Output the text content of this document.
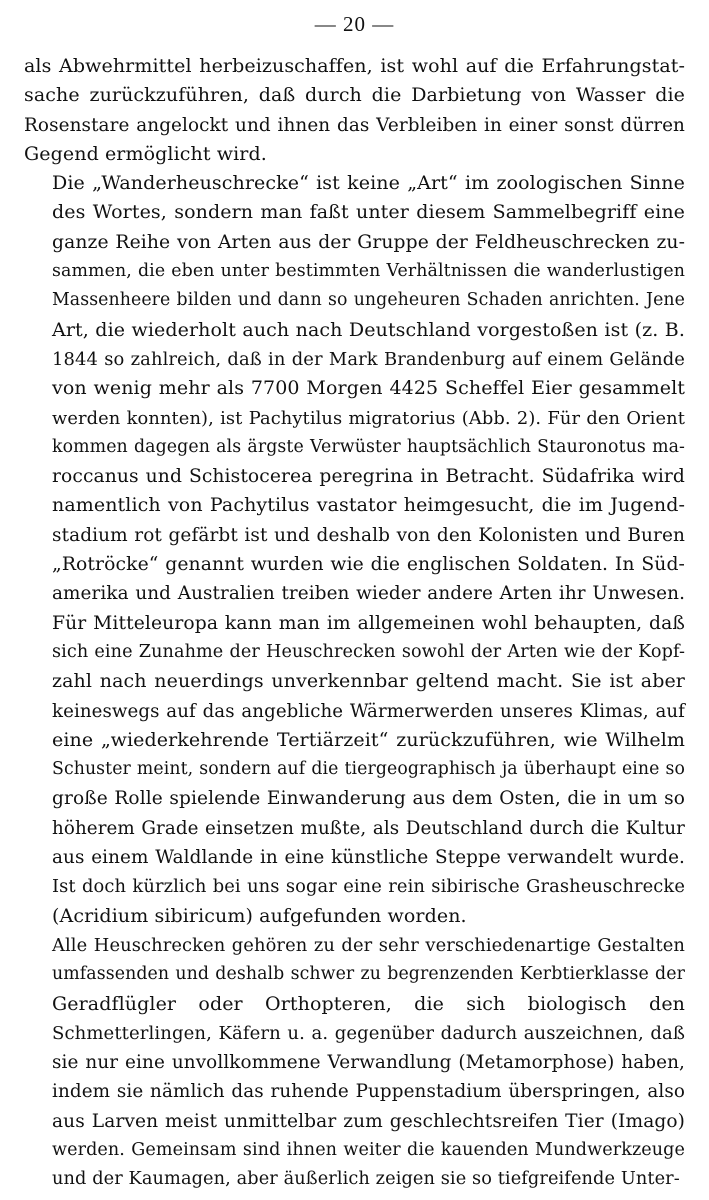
— 20 —

als Abwehrmittel herbeizuschaffen, ist wohl auf die Erfahrungstat-
sache zurückzuführen, daß durch die Darbietung von Wasser die
Rosenstare angelockt und ihnen das Verbleiben in einer sonst dürren
Gegend ermöglicht wird.

Die „Wanderheuschrecke“ ist keine „Art“ im zoologischen Sinne
des Wortes, sondern man faßt unter diesem Sammelbegriff eine
ganze Reihe von Arten aus der Gruppe der Feldheuschrecken zu-
sammen, die eben unter bestimmten Verhältnissen die wanderlustigen
Massenheere bilden und dann so ungeheuren Schaden anrichten. Jene
Art, die wiederholt auch nach Deutschland vorgestoßen ist (z. B.
1844 so zahlreich, daß in der Mark Brandenburg auf einem Gelände
von wenig mehr als 7700 Morgen 4425 Scheffel Eier gesammelt
werden konnten), ist Pachytilus migratorius (Abb. 2). Für den Orient
kommen dagegen als ärgste Verwüster hauptsächlich Stauronotus ma-
roccanus und Schistocerea peregrina in Betracht. Südafrika wird
namentlich von Pachytilus vastator heimgesucht, die im Jugend-
stadium rot gefärbt ist und deshalb von den Kolonisten und Buren
„Rotröcke“ genannt wurden wie die englischen Soldaten. In Süd-
amerika und Australien treiben wieder andere Arten ihr Unwesen.
Für Mitteleuropa kann man im allgemeinen wohl behaupten, daß
sich eine Zunahme der Heuschrecken sowohl der Arten wie der Kopf-
zahl nach neuerdings unverkennbar geltend macht. Sie ist aber
keineswegs auf das angebliche Wärmerwerden unseres Klimas, auf
eine „wiederkehrende Tertiärzeit“ zurückzuführen, wie Wilhelm
Schuster meint, sondern auf die tiergeographisch ja überhaupt eine so
große Rolle spielende Einwanderung aus dem Osten, die in um so
höherem Grade einsetzen mußte, als Deutschland durch die Kultur
aus einem Waldlande in eine künstliche Steppe verwandelt wurde.
Ist doch kürzlich bei uns sogar eine rein sibirische Grasheuschrecke
(Acridium sibiricum) aufgefunden worden.

Alle Heuschrecken gehören zu der sehr verschiedenartige Gestalten
umfassenden und deshalb schwer zu begrenzenden Kerbtierklasse der
Geradflügler oder Orthopteren, die sich biologisch den
Schmetterlingen, Käfern u. a. gegenüber dadurch auszeichnen, daß
sie nur eine unvollkommene Verwandlung (Metamorphose) haben,
indem sie nämlich das ruhende Puppenstadium überspringen, also
aus Larven meist unmittelbar zum geschlechtsreifen Tier (Imago)
werden. Gemeinsam sind ihnen weiter die kauenden Mundwerkzeuge
und der Kaumagen, aber äußerlich zeigen sie so tiefgreifende Unter-
